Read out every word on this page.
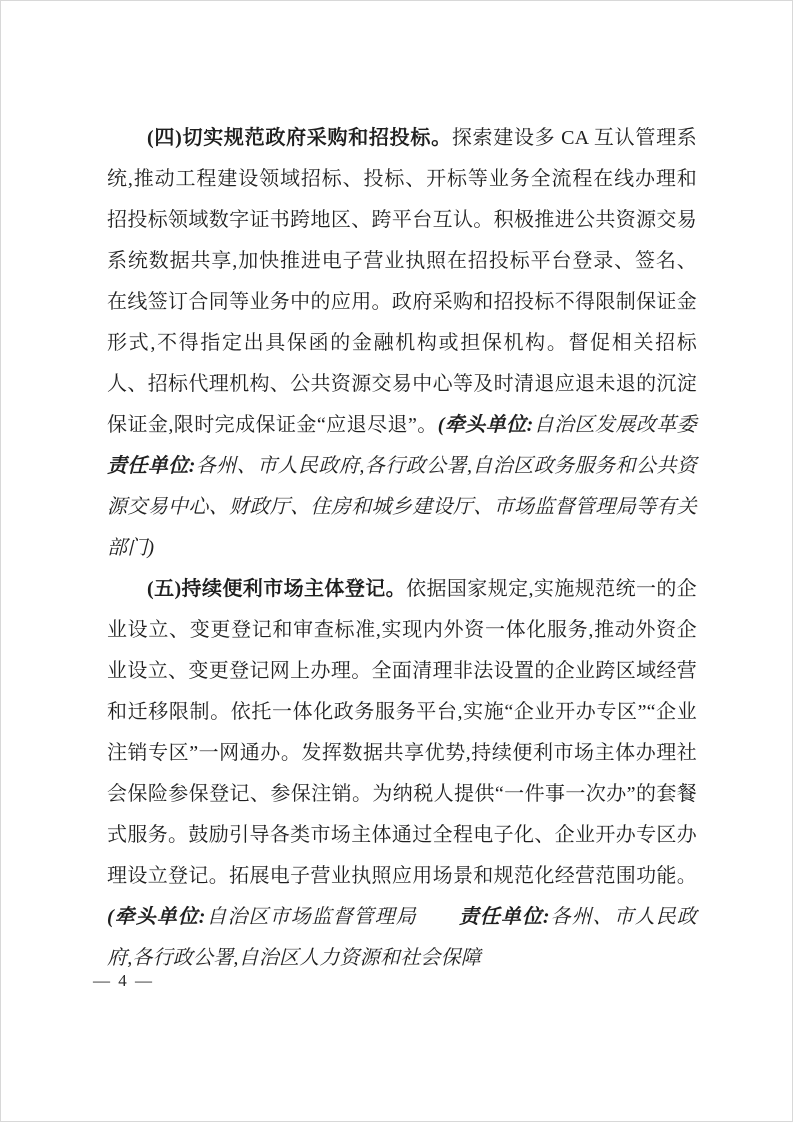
(四)切实规范政府采购和招投标。探索建设多 CA 互认管理系统,推动工程建设领域招标、投标、开标等业务全流程在线办理和招投标领域数字证书跨地区、跨平台互认。积极推进公共资源交易系统数据共享,加快推进电子营业执照在招投标平台登录、签名、在线签订合同等业务中的应用。政府采购和招投标不得限制保证金形式,不得指定出具保函的金融机构或担保机构。督促相关招标人、招标代理机构、公共资源交易中心等及时清退应退未退的沉淀保证金,限时完成保证金“应退尽退”。(牵头单位:自治区发展改革委　　责任单位:各州、市人民政府,各行政公署,自治区政务服务和公共资源交易中心、财政厅、住房和城乡建设厅、市场监督管理局等有关部门)

(五)持续便利市场主体登记。依据国家规定,实施规范统一的企业设立、变更登记和审查标准,实现内外资一体化服务,推动外资企业设立、变更登记网上办理。全面清理非法设置的企业跨区域经营和迁移限制。依托一体化政务服务平台,实施“企业开办专区”“企业注销专区”一网通办。发挥数据共享优势,持续便利市场主体办理社会保险参保登记、参保注销。为纳税人提供“一件事一次办”的套餐式服务。鼓励引导各类市场主体通过全程电子化、企业开办专区办理设立登记。拓展电子营业执照应用场景和规范化经营范围功能。(牵头单位:自治区市场监督管理局　　 责任单位:各州、市人民政府,各行政公署,自治区人力资源和社会保障

— 4 —
